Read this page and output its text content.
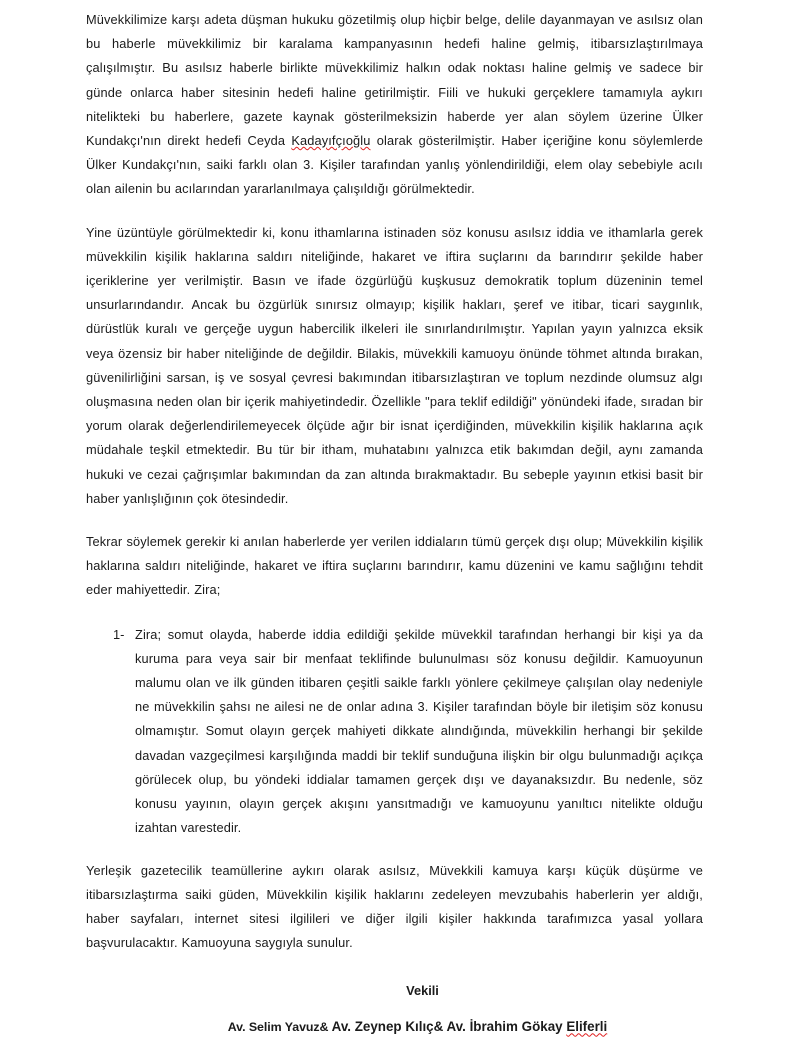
Müvekkilimize karşı adeta düşman hukuku gözetilmiş olup hiçbir belge, delile dayanmayan ve asılsız olan bu haberle müvekkilimiz bir karalama kampanyasının hedefi haline gelmiş, itibarsızlaştırılmaya çalışılmıştır. Bu asılsız haberle birlikte müvekkilimiz halkın odak noktası haline gelmiş ve sadece bir günde onlarca haber sitesinin hedefi haline getirilmiştir. Fiili ve hukuki gerçeklere tamamıyla aykırı nitelikteki bu haberlere, gazete kaynak gösterilmeksizin haberde yer alan söylem üzerine Ülker Kundakçı'nın direkt hedefi Ceyda Kadayıfçıoğlu olarak gösterilmiştir. Haber içeriğine konu söylemlerde Ülker Kundakçı'nın, saiki farklı olan 3. Kişiler tarafından yanlış yönlendirildiği, elem olay sebebiyle acılı olan ailenin bu acılarından yararlanılmaya çalışıldığı görülmektedir.

Yine üzüntüyle görülmektedir ki, konu ithamlarına istinaden söz konusu asılsız iddia ve ithamlarla gerek müvekkilin kişilik haklarına saldırı niteliğinde, hakaret ve iftira suçlarını da barındırır şekilde haber içeriklerine yer verilmiştir. Basın ve ifade özgürlüğü kuşkusuz demokratik toplum düzeninin temel unsurlarındandır. Ancak bu özgürlük sınırsız olmayıp; kişilik hakları, şeref ve itibar, ticari saygınlık, dürüstlük kuralı ve gerçeğe uygun habercilik ilkeleri ile sınırlandırılmıştır. Yapılan yayın yalnızca eksik veya özensiz bir haber niteliğinde de değildir. Bilakis, müvekkili kamuoyu önünde töhmet altında bırakan, güvenilirliğini sarsan, iş ve sosyal çevresi bakımından itibarsızlaştıran ve toplum nezdinde olumsuz algı oluşmasına neden olan bir içerik mahiyetindedir. Özellikle "para teklif edildiği" yönündeki ifade, sıradan bir yorum olarak değerlendirilemeyecek ölçüde ağır bir isnat içerdiğinden, müvekkilin kişilik haklarına açık müdahale teşkil etmektedir. Bu tür bir itham, muhatabını yalnızca etik bakımdan değil, aynı zamanda hukuki ve cezai çağrışımlar bakımından da zan altında bırakmaktadır. Bu sebeple yayının etkisi basit bir haber yanlışlığının çok ötesindedir.

Tekrar söylemek gerekir ki anılan haberlerde yer verilen iddiaların tümü gerçek dışı olup; Müvekkilin kişilik haklarına saldırı niteliğinde, hakaret ve iftira suçlarını barındırır, kamu düzenini ve kamu sağlığını tehdit eder mahiyettedir. Zira;

1- Zira; somut olayda, haberde iddia edildiği şekilde müvekkil tarafından herhangi bir kişi ya da kuruma para veya sair bir menfaat teklifinde bulunulması söz konusu değildir. Kamuoyunun malumu olan ve ilk günden itibaren çeşitli saikle farklı yönlere çekilmeye çalışılan olay nedeniyle ne müvekkilin şahsı ne ailesi ne de onlar adına 3. Kişiler tarafından böyle bir iletişim söz konusu olmamıştır. Somut olayın gerçek mahiyeti dikkate alındığında, müvekkilin herhangi bir şekilde davadan vazgeçilmesi karşılığında maddi bir teklif sunduğuna ilişkin bir olgu bulunmadığı açıkça görülecek olup, bu yöndeki iddialar tamamen gerçek dışı ve dayanaksızdır. Bu nedenle, söz konusu yayının, olayın gerçek akışını yansıtmadığı ve kamuoyunu yanıltıcı nitelikte olduğu izahtan varestedir.

Yerleşik gazetecilik teamüllerine aykırı olarak asılsız, Müvekkili kamuya karşı küçük düşürme ve itibarsızlaştırma saiki güden, Müvekkilin kişilik haklarını zedeleyen mevzubahis haberlerin yer aldığı, haber sayfaları, internet sitesi ilgilileri ve diğer ilgili kişiler hakkında tarafımızca yasal yollara başvurulacaktır. Kamuoyuna saygıyla sunulur.

Vekili
Av. Selim Yavuz& Av. Zeynep Kılıç& Av. İbrahim Gökay Eliferli
